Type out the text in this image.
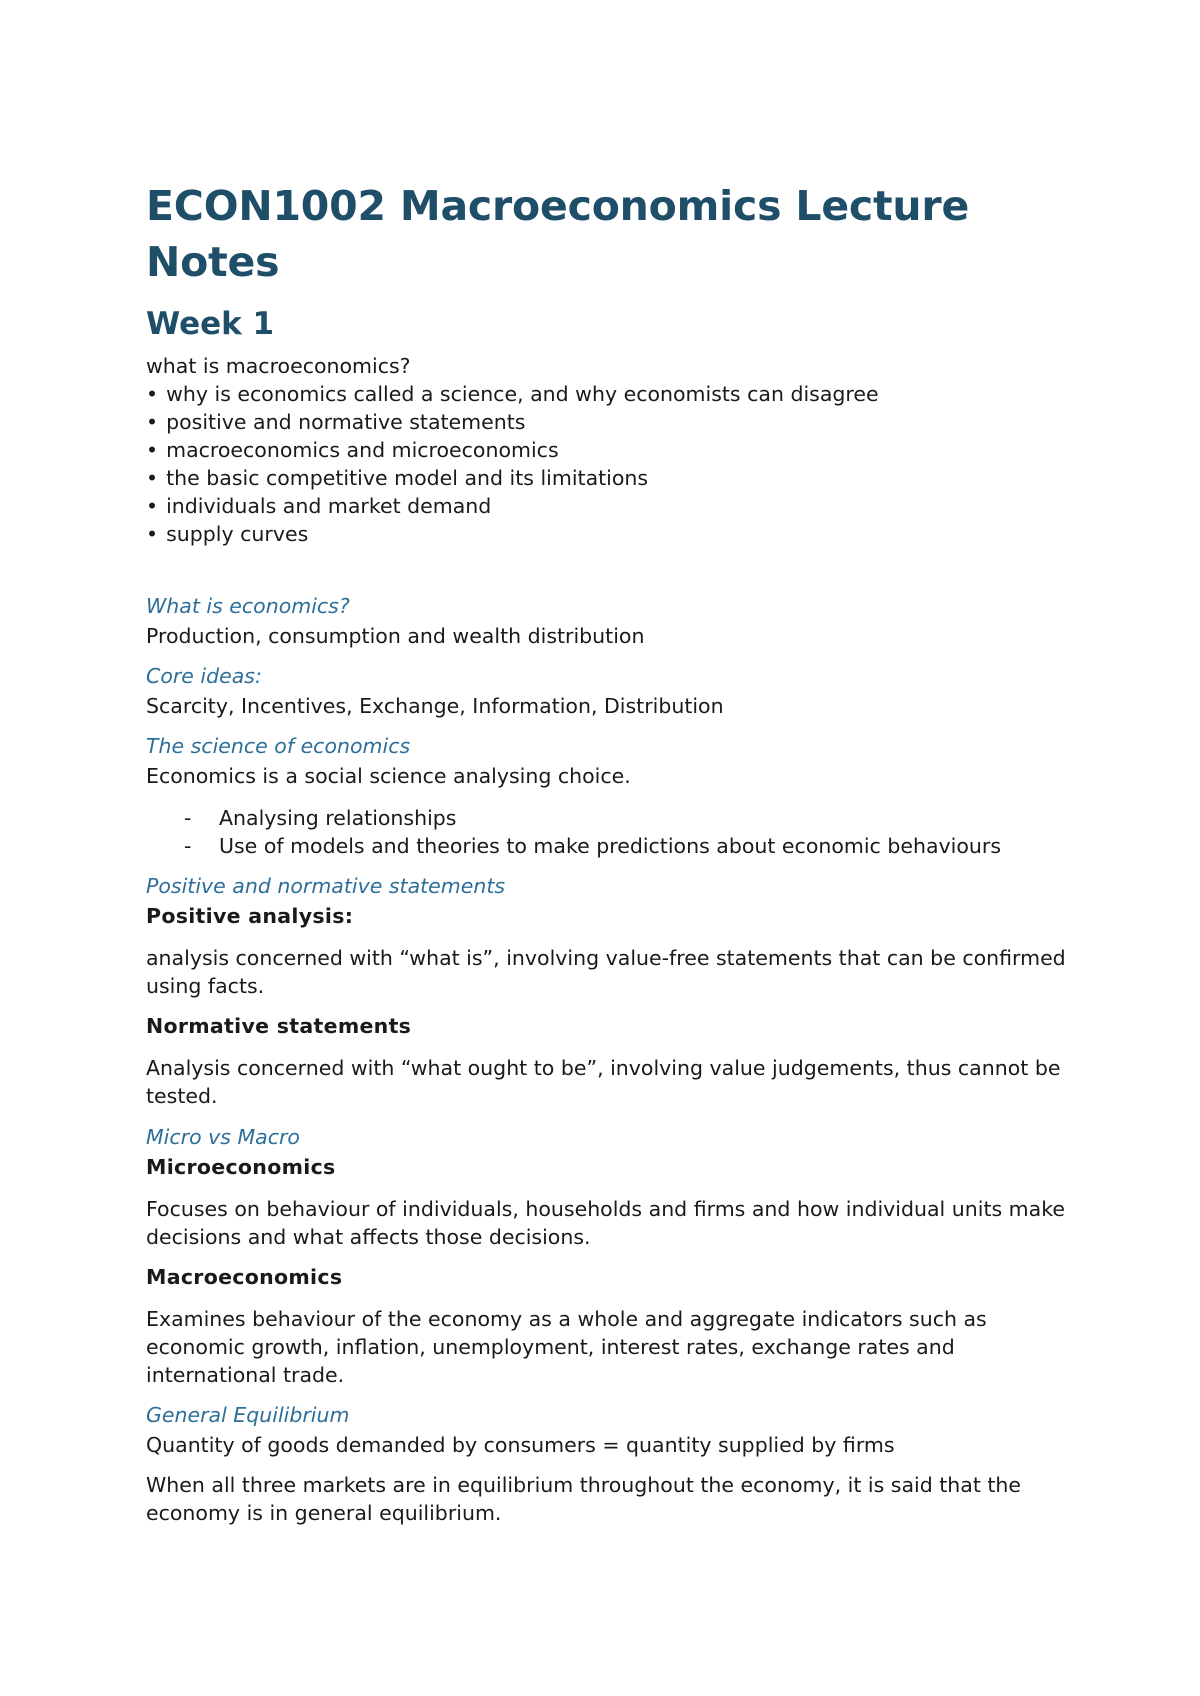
ECON1002 Macroeconomics Lecture Notes
Week 1

what is macroeconomics?

• why is economics called a science, and why economists can disagree
• positive and normative statements
• macroeconomics and microeconomics
• the basic competitive model and its limitations
• individuals and market demand
• supply curves

What is economics?

Production, consumption and wealth distribution

Core ideas:

Scarcity, Incentives, Exchange, Information, Distribution

The science of economics

Economics is a social science analysing choice.

- Analysing relationships
- Use of models and theories to make predictions about economic behaviours

Positive and normative statements

Positive analysis:

analysis concerned with “what is”, involving value-free statements that can be confirmed using facts.

Normative statements

Analysis concerned with “what ought to be”, involving value judgements, thus cannot be tested.

Micro vs Macro

Microeconomics

Focuses on behaviour of individuals, households and firms and how individual units make decisions and what affects those decisions.

Macroeconomics

Examines behaviour of the economy as a whole and aggregate indicators such as economic growth, inflation, unemployment, interest rates, exchange rates and international trade.

General Equilibrium

Quantity of goods demanded by consumers = quantity supplied by firms

When all three markets are in equilibrium throughout the economy, it is said that the economy is in general equilibrium.
